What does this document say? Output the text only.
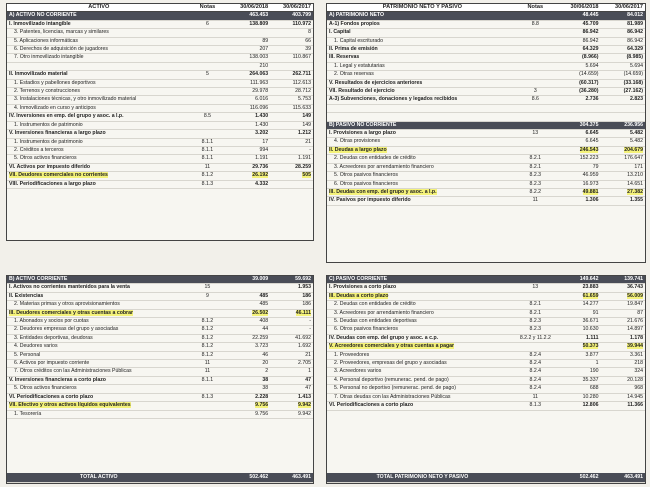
ACTIVO	Notas	30/06/2018	30/06/2017
A) ACTIVO NO CORRIENTE		463.453	403.799
I. Inmovilizado intangible	6	138.809	110.972
3. Patentes, licencias, marcas y similares			8
5. Aplicaciones informáticas		89	66
6. Derechos de adquisición de jugadores		207	39
7. Otro inmovilizado intangible		138.003	110.867
		210	
II. Inmovilizado material	5	264.063	262.711
1. Estadios y pabellones deportivos		111.963	112.613
2. Terrenos y construcciones		29.978	28.712
3. Instalaciones técnicas, y otro inmovilizado material		6.016	5.753
4. Inmovilizado en curso y anticipos		116.096	115.633
IV. Inversiones en emp. del grupo y asoc. a l.p.	8.5	1.430	149
1. Instrumentos de patrimonio		1.430	149
V. Inversiones financieras a largo plazo		3.202	1.212
1. Instrumentos de patrimonio	8.1.1	17	21
2. Créditos a terceros	8.1.1	994	-
5. Otros activos financieros	8.1.1	1.191	1.191
VI. Activos por impuesto diferido	11	29.736	28.259
VII. Deudores comerciales no corrientes	8.1.2	26.192	505
VIII. Periodificaciones a largo plazo	8.1.3	4.332	
PATRIMONIO NETO Y PASIVO	Notas	30/06/2018	30/06/2017
A) PATRIMONIO NETO		48.445	84.012
A-1) Fondos propios	8.8	45.709	81.989
I. Capital		86.942	86.942
1. Capital escriturado		86.942	86.942
II. Prima de emisión		64.329	64.329
III. Reservas		(8.966)	(8.985)
1. Legal y estatutarias		5.694	5.694
2. Otras reservas		(14.659)	(14.659)
V. Resultados de ejercicios anteriores		(60.317)	(33.168)
VII. Resultado del ejercicio	3	(36.280)	(27.162)
A-3) Subvenciones, donaciones y legados recibidos	8.6	2.736	2.823

B) PASIVO NO CORRIENTE		304.375	236.956
I. Provisiones a largo plazo	13	6.645	5.482
4. Otras provisiones		6.645	5.482
II. Deudas a largo plazo		246.543	204.679
2. Deudas con entidades de crédito	8.2.1	152.223	176.647
3. Acreedores por arrendamiento financiero	8.2.1	79	171
5. Otros pasivos financieros	8.2.3	46.959	13.210
6. Otros pasivos financieros	8.2.3	16.973	14.651
III. Deudas con emp. del grupo y asoc. a l.p.	8.2.2	49.881	27.382
IV. Pasivos por impuesto diferido	11	1.306	1.355
B) ACTIVO CORRIENTE		39.009	59.692
I. Activos no corrientes mantenidos para la venta	15		1.953
II. Existencias	9	485	186
2. Materias primas y otros aprovisionamientos		485	186
III. Deudores comerciales y otras cuentas a cobrar		26.502	46.111
1. Abonados y socios por cuotas	8.1.2	408	-
2. Deudores empresas del grupo y asociadas	8.1.2	44	-
3. Entidades deportivas, deudoras	8.1.2	22.259	41.692
4. Deudores varios	8.1.2	3.723	1.692
5. Personal	8.1.2	46	21
6. Activos por impuesto corriente	11	20	2.705
7. Otros créditos con las Administraciones Públicas	11	2	1
V. Inversiones financieras a corto plazo	8.1.1	38	47
5. Otros activos financieros		38	47
VI. Periodificaciones a corto plazo	8.1.3	2.228	1.413
VII. Efectivo y otros activos líquidos equivalentes		9.756	9.942
1. Tesorería		9.756	9.942
TOTAL ACTIVO		502.462	463.491
C) PASIVO CORRIENTE		149.642	139.741
I. Provisiones a corto plazo	13	23.883	36.743
III. Deudas a corto plazo		61.659	56.009
2. Deudas con entidades de crédito	8.2.1	14.277	19.847
3. Acreedores por arrendamiento financiero	8.2.1	91	87
5. Deudas con entidades deportivas	8.2.3	36.671	21.676
6. Otros pasivos financieros	8.2.3	10.630	14.897
IV. Deudas con emp. del grupo y asoc. a c.p.	8.2.2 y 11.2.2	1.111	1.178
V. Acreedores comerciales y otras cuentas a pagar		50.373	39.944
1. Proveedores	8.2.4	3.877	3.361
2. Proveedores, empresas del grupo y asociadas	8.2.4	1	218
3. Acreedores varios	8.2.4	190	324
4. Personal deportivo (remunerac. pend. de pago)	8.2.4	35.337	20.128
5. Personal no deportivo (remunerac. pend. de pago)	8.2.4	688	968
7. Otras deudas con las Administraciones Públicas	11	10.280	14.945
VI. Periodificaciones a corto plazo	8.1.3	12.806	11.366
TOTAL PATRIMONIO NETO Y PASIVO		502.462	463.491
